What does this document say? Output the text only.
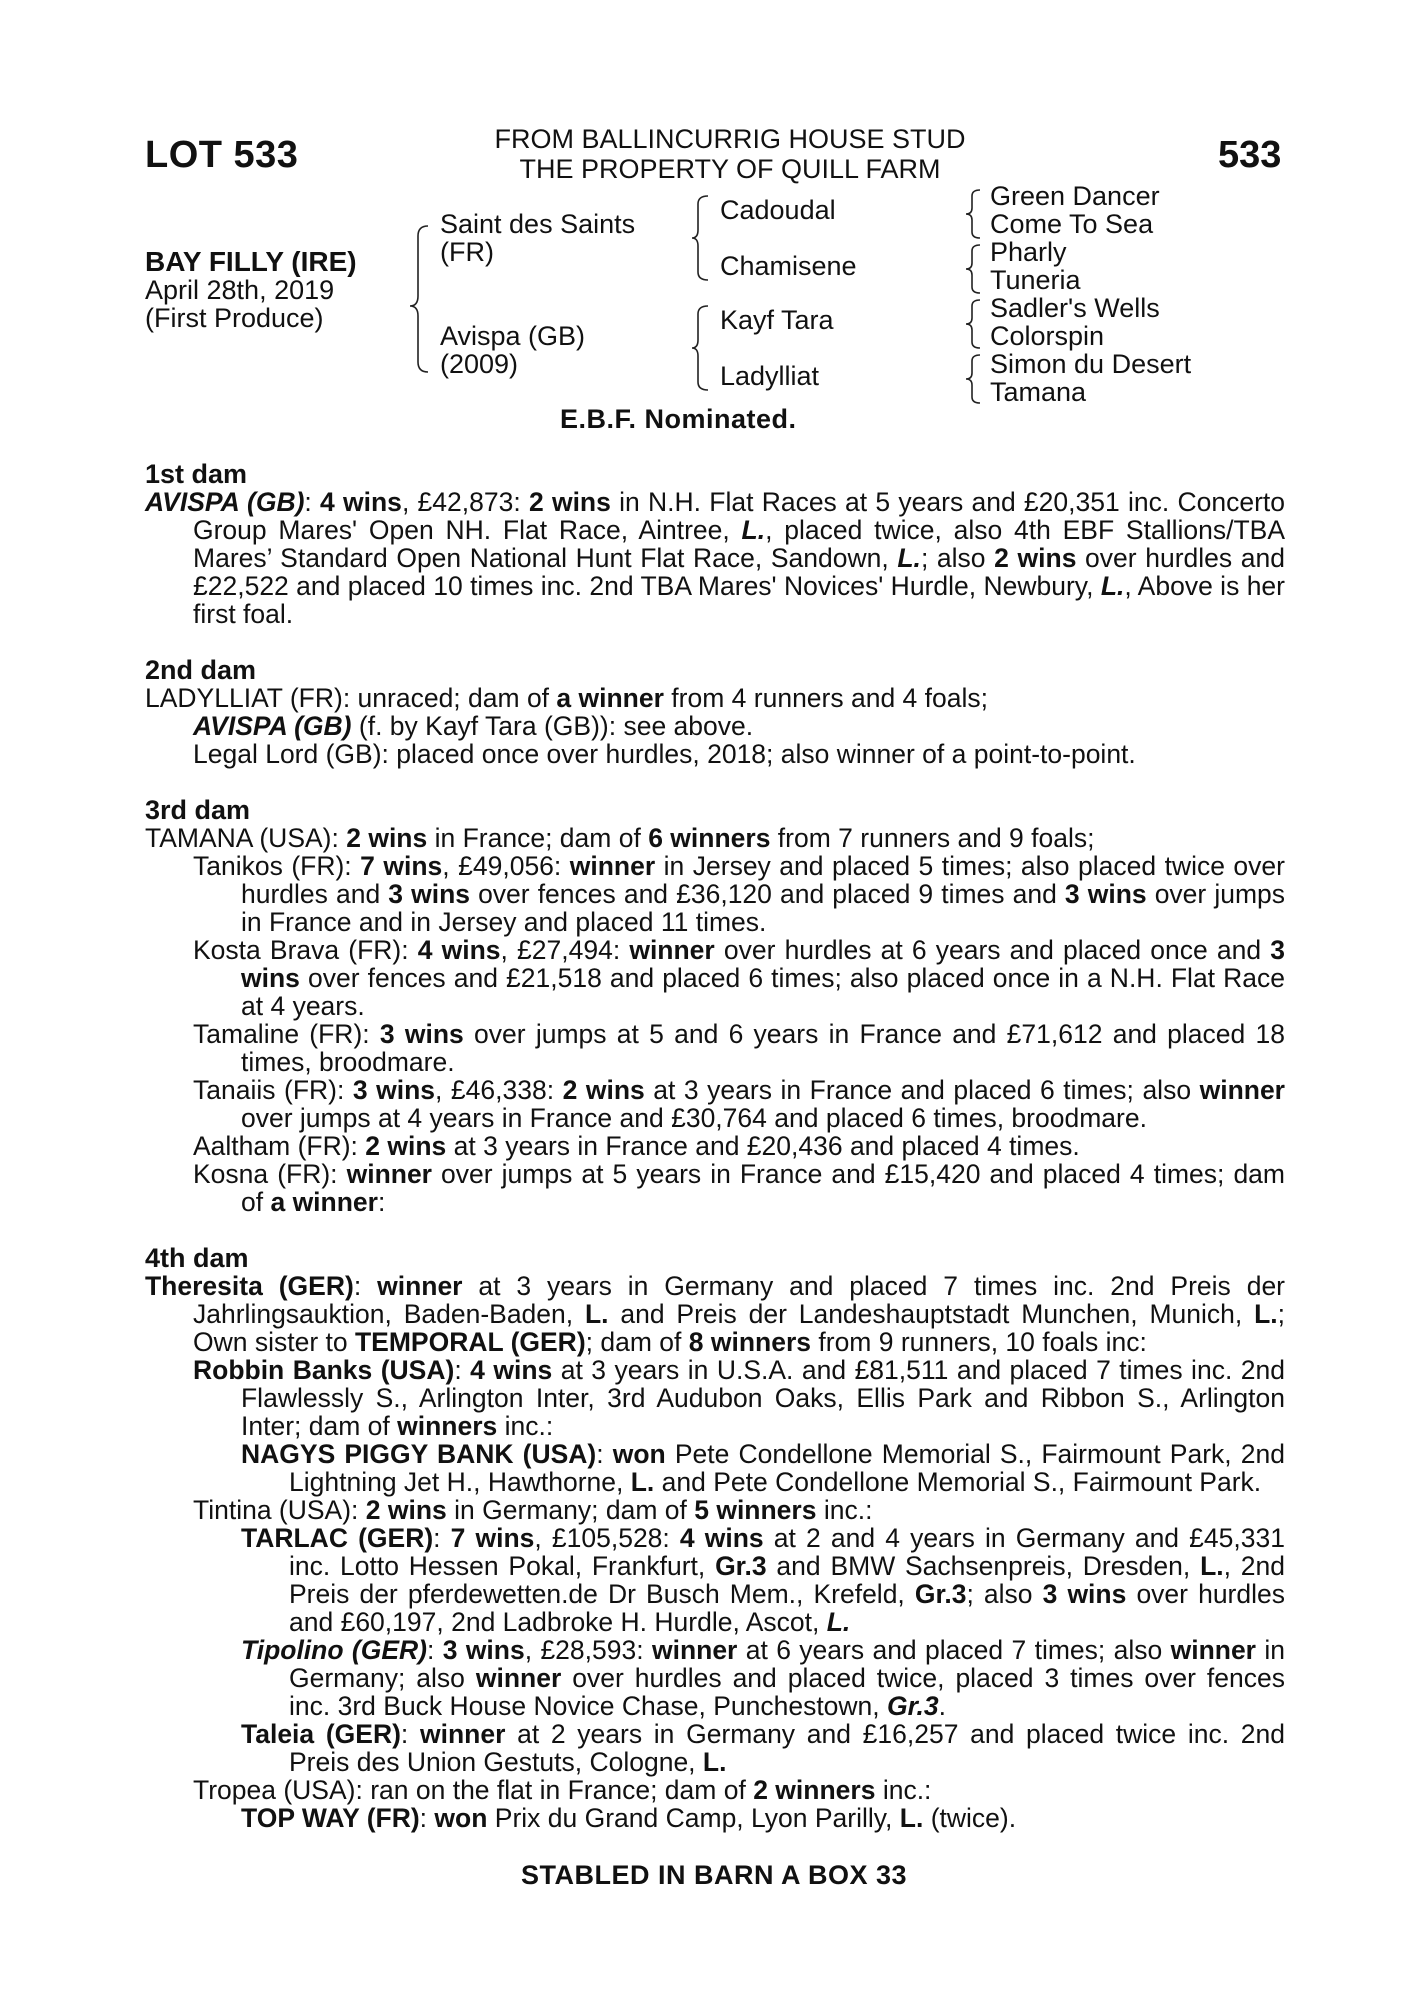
LOT 533	FROM BALLINCURRIG HOUSE STUD
THE PROPERTY OF QUILL FARM	533
BAY FILLY (IRE)
April 28th, 2019
(First Produce)
Saint des Saints
(FR)
Avispa (GB)
(2009)
Cadoudal
Chamisene
Kayf Tara
Ladylliat
Green Dancer
Come To Sea
Pharly
Tuneria
Sadler's Wells
Colorspin
Simon du Desert
Tamana
E.B.F. Nominated.
1st dam

AVISPA (GB): 4 wins, £42,873: 2 wins in N.H. Flat Races at 5 years and £20,351 inc. Concerto Group Mares' Open NH. Flat Race, Aintree, L., placed twice, also 4th EBF Stallions/TBA Mares’ Standard Open National Hunt Flat Race, Sandown, L.; also 2 wins over hurdles and £22,522 and placed 10 times inc. 2nd TBA Mares' Novices' Hurdle, Newbury, L., Above is her first foal.

2nd dam

LADYLLIAT (FR): unraced; dam of a winner from 4 runners and 4 foals;

AVISPA (GB) (f. by Kayf Tara (GB)): see above.

Legal Lord (GB): placed once over hurdles, 2018; also winner of a point-to-point.

3rd dam

TAMANA (USA): 2 wins in France; dam of 6 winners from 7 runners and 9 foals;

Tanikos (FR): 7 wins, £49,056: winner in Jersey and placed 5 times; also placed twice over hurdles and 3 wins over fences and £36,120 and placed 9 times and 3 wins over jumps in France and in Jersey and placed 11 times.

Kosta Brava (FR): 4 wins, £27,494: winner over hurdles at 6 years and placed once and 3 wins over fences and £21,518 and placed 6 times; also placed once in a N.H. Flat Race at 4 years.

Tamaline (FR): 3 wins over jumps at 5 and 6 years in France and £71,612 and placed 18 times, broodmare.

Tanaiis (FR): 3 wins, £46,338: 2 wins at 3 years in France and placed 6 times; also winner over jumps at 4 years in France and £30,764 and placed 6 times, broodmare.

Aaltham (FR): 2 wins at 3 years in France and £20,436 and placed 4 times.

Kosna (FR): winner over jumps at 5 years in France and £15,420 and placed 4 times; dam of a winner:

4th dam

Theresita (GER): winner at 3 years in Germany and placed 7 times inc. 2nd Preis der Jahrlingsauktion, Baden-Baden, L. and Preis der Landeshauptstadt Munchen, Munich, L.; Own sister to TEMPORAL (GER); dam of 8 winners from 9 runners, 10 foals inc:

Robbin Banks (USA): 4 wins at 3 years in U.S.A. and £81,511 and placed 7 times inc. 2nd Flawlessly S., Arlington Inter, 3rd Audubon Oaks, Ellis Park and Ribbon S., Arlington Inter; dam of winners inc.:

NAGYS PIGGY BANK (USA): won Pete Condellone Memorial S., Fairmount Park, 2nd Lightning Jet H., Hawthorne, L. and Pete Condellone Memorial S., Fairmount Park.

Tintina (USA): 2 wins in Germany; dam of 5 winners inc.:

TARLAC (GER): 7 wins, £105,528: 4 wins at 2 and 4 years in Germany and £45,331 inc. Lotto Hessen Pokal, Frankfurt, Gr.3 and BMW Sachsenpreis, Dresden, L., 2nd Preis der pferdewetten.de Dr Busch Mem., Krefeld, Gr.3; also 3 wins over hurdles and £60,197, 2nd Ladbroke H. Hurdle, Ascot, L.

Tipolino (GER): 3 wins, £28,593: winner at 6 years and placed 7 times; also winner in Germany; also winner over hurdles and placed twice, placed 3 times over fences inc. 3rd Buck House Novice Chase, Punchestown, Gr.3.

Taleia (GER): winner at 2 years in Germany and £16,257 and placed twice inc. 2nd Preis des Union Gestuts, Cologne, L.

Tropea (USA): ran on the flat in France; dam of 2 winners inc.:

TOP WAY (FR): won Prix du Grand Camp, Lyon Parilly, L. (twice).

STABLED IN BARN A BOX 33
